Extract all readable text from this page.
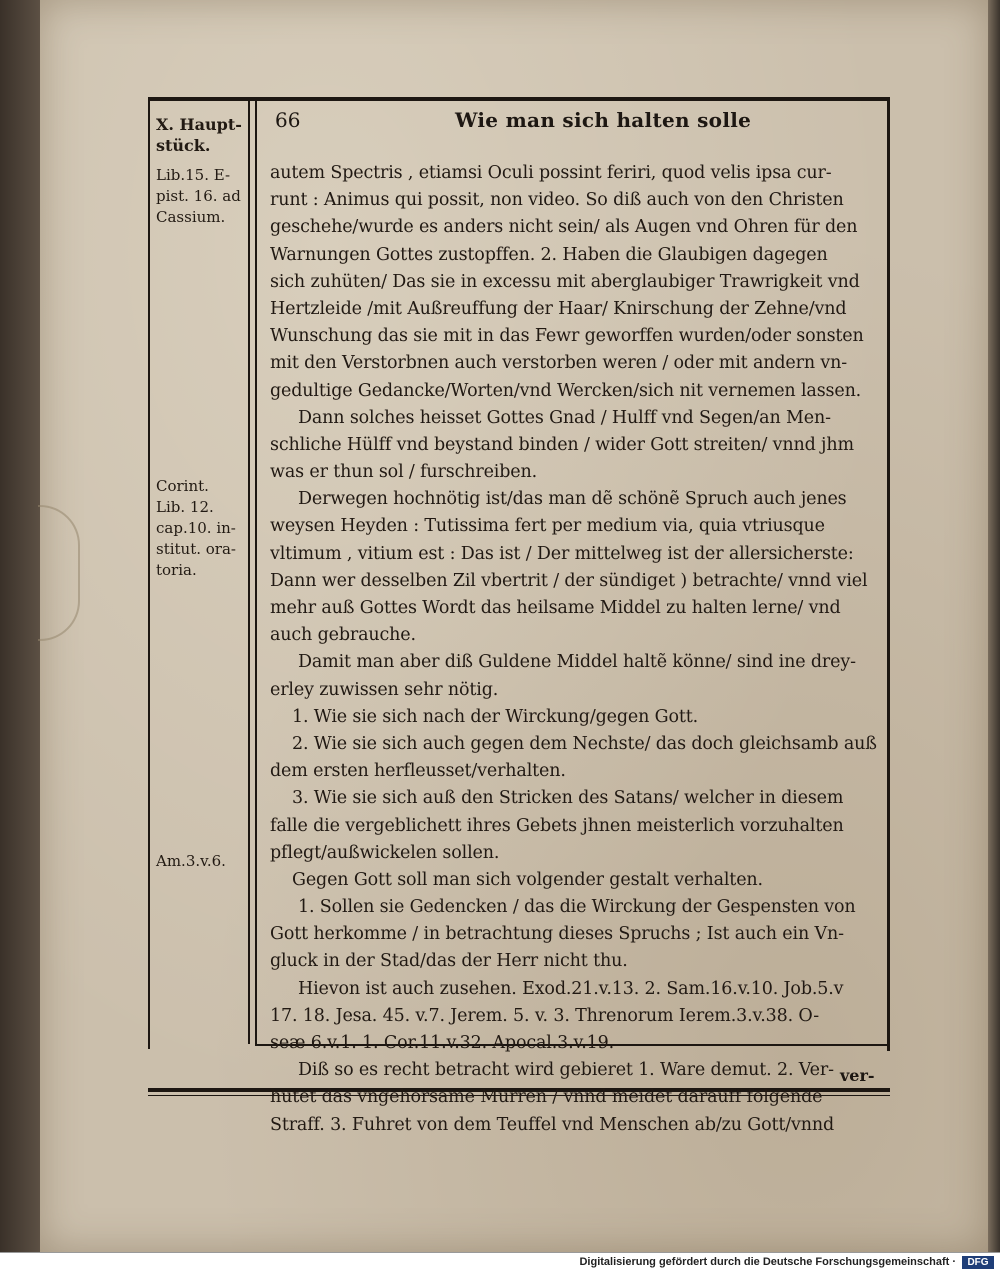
66	Wie man sich halten solle
X. Haupt-
stück.
Lib.15. E-
pist. 16. ad
Cassium.
Corint.
Lib. 12.
cap.10. in-
stitut. ora-
toria.
Am.3.v.6.
autem Spectris , etiamsi Oculi possint feriri, quod velis ipsa cur-
runt : Animus qui possit, non video. So diß auch von den Christen
geschehe/wurde es anders nicht sein/ als Augen vnd Ohren für den
Warnungen Gottes zustopffen. 2. Haben die Glaubigen dagegen
sich zuhüten/ Das sie in excessu mit aberglaubiger Trawrigkeit vnd
Hertzleide /mit Außreuffung der Haar/ Knirschung der Zehne/vnd
Wunschung das sie mit in das Fewr geworffen wurden/oder sonsten
mit den Verstorbnen auch verstorben weren / oder mit andern vn-
gedultige Gedancke/Worten/vnd Wercken/sich nit vernemen lassen.
Dann solches heisset Gottes Gnad / Hulff vnd Segen/an Men-
schliche Hülff vnd beystand binden / wider Gott streiten/ vnnd jhm
was er thun sol / furschreiben.
Derwegen hochnötig ist/das man dẽ schönẽ Spruch auch jenes
weysen Heyden : Tutissima fert per medium via, quia vtriusque
vltimum , vitium est : Das ist / Der mittelweg ist der allersicherste:
Dann wer desselben Zil vbertrit / der sündiget ) betrachte/ vnnd viel
mehr auß Gottes Wordt das heilsame Middel zu halten lerne/ vnd
auch gebrauche.
Damit man aber diß Guldene Middel haltẽ könne/ sind ine drey-
erley zuwissen sehr nötig.
1. Wie sie sich nach der Wirckung/gegen Gott.
2. Wie sie sich auch gegen dem Nechste/ das doch gleichsamb auß
dem ersten herfleusset/verhalten.
3. Wie sie sich auß den Stricken des Satans/ welcher in diesem
falle die vergeblichett ihres Gebets jhnen meisterlich vorzuhalten
pflegt/außwickelen sollen.
Gegen Gott soll man sich volgender gestalt verhalten.
1. Sollen sie Gedencken / das die Wirckung der Gespensten von
Gott herkomme / in betrachtung dieses Spruchs ; Ist auch ein Vn-
gluck in der Stad/das der Herr nicht thu.
Hievon ist auch zusehen. Exod.21.v.13. 2. Sam.16.v.10. Job.5.v
17. 18. Jesa. 45. v.7. Jerem. 5. v. 3. Threnorum Ierem.3.v.38. O-
seæ 6.v.1. 1. Cor.11.v.32. Apocal.3.v.19.
Diß so es recht betracht wird gebieret 1. Ware demut. 2. Ver-
hutet das vngehorsame Murren / vnnd meidet darauff folgende
Straff. 3. Fuhret von dem Teuffel vnd Menschen ab/zu Gott/vnnd
ver-
Digitalisierung gefördert durch die Deutsche Forschungsgemeinschaft ·	DFG
